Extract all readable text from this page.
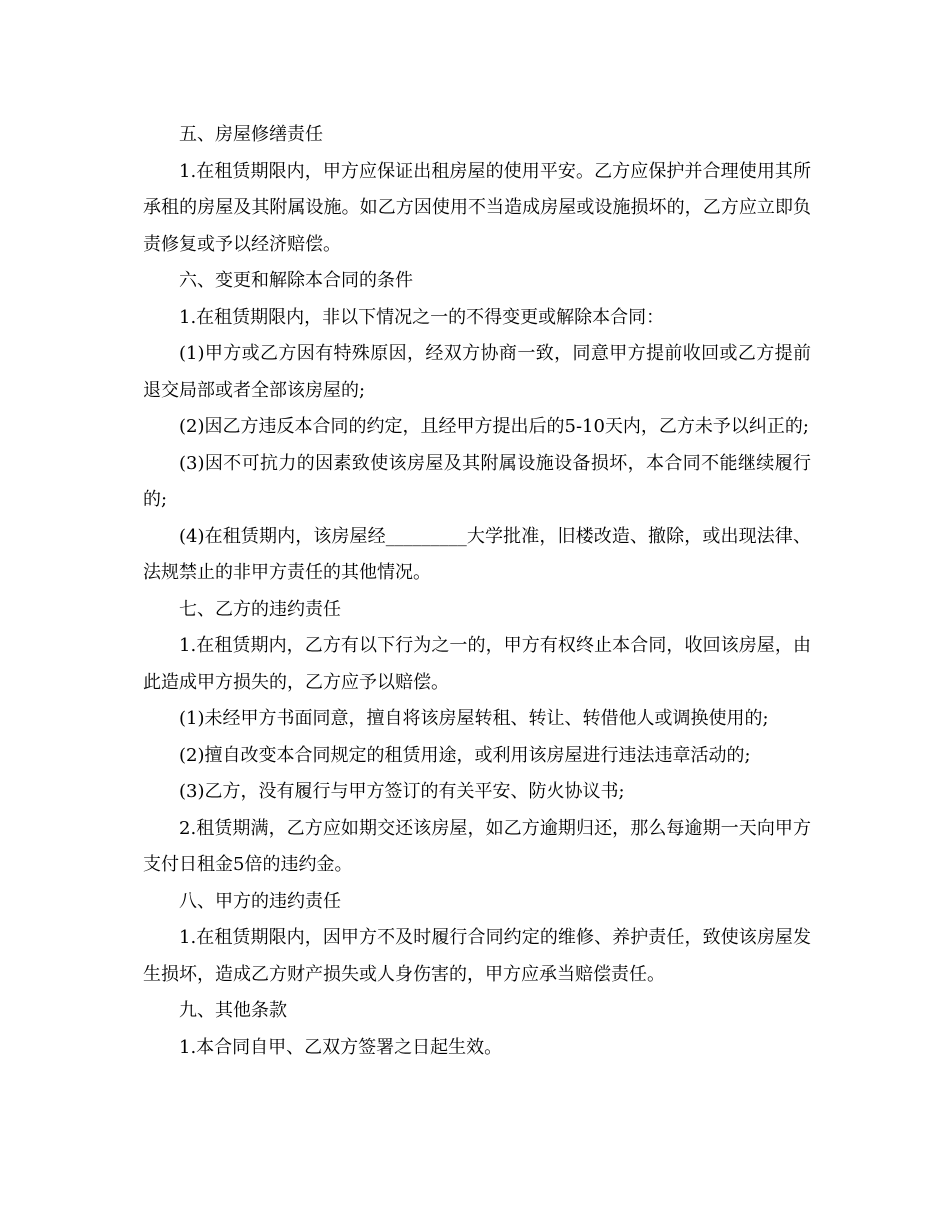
五、房屋修缮责任

1.在租赁期限内，甲方应保证出租房屋的使用平安。乙方应保护并合理使用其所承租的房屋及其附属设施。如乙方因使用不当造成房屋或设施损坏的，乙方应立即负责修复或予以经济赔偿。

六、变更和解除本合同的条件

1.在租赁期限内，非以下情况之一的不得变更或解除本合同：

(1)甲方或乙方因有特殊原因，经双方协商一致，同意甲方提前收回或乙方提前退交局部或者全部该房屋的;

(2)因乙方违反本合同的约定，且经甲方提出后的5-10天内，乙方未予以纠正的;

(3)因不可抗力的因素致使该房屋及其附属设施设备损坏，本合同不能继续履行的;

(4)在租赁期内，该房屋经_________大学批准，旧楼改造、撤除，或出现法律、法规禁止的非甲方责任的其他情况。

七、乙方的违约责任

1.在租赁期内，乙方有以下行为之一的，甲方有权终止本合同，收回该房屋，由此造成甲方损失的，乙方应予以赔偿。

(1)未经甲方书面同意，擅自将该房屋转租、转让、转借他人或调换使用的;

(2)擅自改变本合同规定的租赁用途，或利用该房屋进行违法违章活动的;

(3)乙方，没有履行与甲方签订的有关平安、防火协议书;

2.租赁期满，乙方应如期交还该房屋，如乙方逾期归还，那么每逾期一天向甲方支付日租金5倍的违约金。

八、甲方的违约责任

1.在租赁期限内，因甲方不及时履行合同约定的维修、养护责任，致使该房屋发生损坏，造成乙方财产损失或人身伤害的，甲方应承当赔偿责任。

九、其他条款

1.本合同自甲、乙双方签署之日起生效。
